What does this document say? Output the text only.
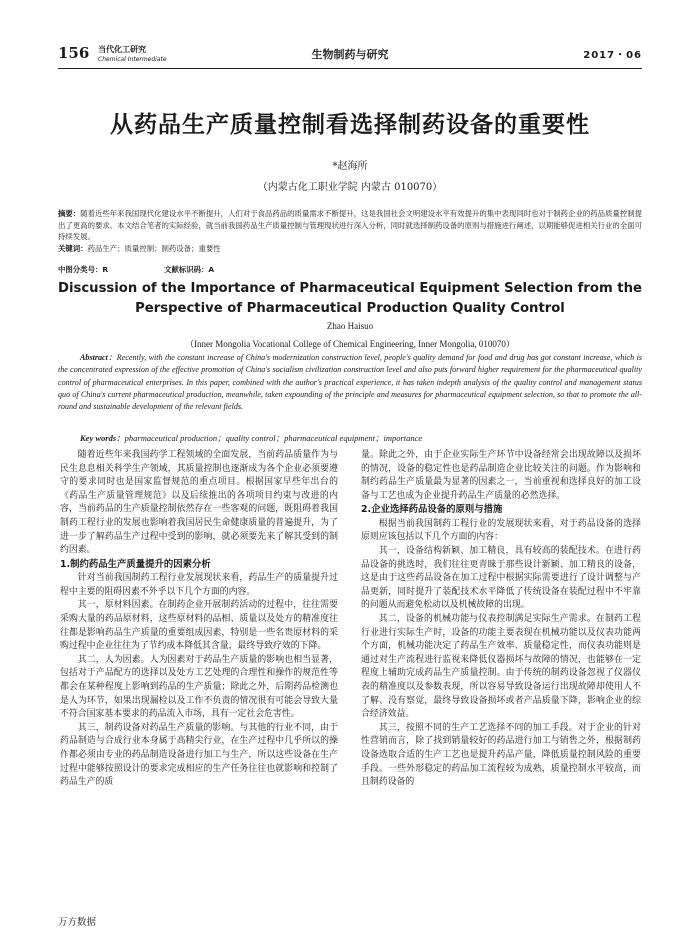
156 当代化工研究
Chemical Intermediate	生物制药与研究	2017・06
从药品生产质量控制看选择制药设备的重要性
*赵海所
（内蒙古化工职业学院 内蒙古 010070）
摘要：随着近些年来我国现代化建设水平不断提升，人们对于食品药品的质量需求不断提升，这是我国社会文明建设水平有效提升的集中表现同时也对于制药企业的药品质量控制提出了更高的要求。本文结合笔者的实际经验，就当前我国药品生产质量控制与管理现状进行深入分析，同时就选择制药设备的原则与措施进行阐述，以期能够促进相关行业的全面可持续发展。
关键词：药品生产；质量控制；制药设备；重要性
中图分类号：R	文献标识码：A
Discussion of the Importance of Pharmaceutical Equipment Selection from the Perspective of Pharmaceutical Production Quality Control
Zhao Haisuo
（Inner Mongolia Vocational College of Chemical Engineering, Inner Mongolia, 010070）
Abstract：Recently, with the constant increase of China's modernization construction level, people's quality demand for food and drug has got constant increase, which is the concentrated expression of the effective promotion of China's socialism civilization construction level and also puts forward higher requirement for the pharmaceutical quality control of pharmaceutical enterprises. In this paper, combined with the author's practical experience, it has taken indepth analysis of the quality control and management status quo of China's current pharmaceutical production, meanwhile, taken expounding of the principle and measures for pharmaceutical equipment selection, so that to promote the all-round and sustainable development of the relevant fields.
Key words：pharmaceutical production；quality control；pharmaceutical equipment；importance

随着近些年来我国药学工程领域的全面发展，当前药品质量作为与民生息息相关科学生产领域，其质量控制也逐渐成为各个企业必须要遵守的要求同时也是国家监督规范的重点项目。根据国家早些年出台的《药品生产质量管理规范》以及后续推出的各项项目约束与改进的内容，当前药品的生产质量控制依然存在一些客观的问题，既阻碍着我国制药工程行业的发展也影响着我国居民生命健康质量的普遍提升，为了进一步了解药品生产过程中受到的影响，就必须要先来了解其受到的制约因素。

1.制约药品生产质量提升的因素分析

针对当前我国制药工程行业发展现状来看，药品生产的质量提升过程中主要的阻碍因素不外乎以下几个方面的内容。

其一，原材料因素。在制药企业开展制药活动的过程中，往往需要采购大量的药品原材料，这些原材料的品相、质量以及处方的精准度往往都是影响药品生产质量的重要组成因素，特别是一些名贵原材料的采购过程中企业往往为了节约成本降低其含量，最终导致疗效的下降。

其二，人为因素。人为因素对于药品生产质量的影响也相当显著，包括对于产品配方的选择以及处方工艺处理的合理性和操作的规范性等都会在某种程度上影响到药品的生产质量；除此之外，后期药品检测也是人为环节，如果出现漏检以及工作不负责的情况很有可能会导致大量不符合国家基本要求的药品流入市场，具有一定社会危害性。

其三，制药设备对药品生产质量的影响。与其他的行业不同，由于药品制造与合成行业本身属于高精尖行业，在生产过程中几乎所以的操作都必须由专业的药品制造设备进行加工与生产，所以这些设备在生产过程中能够按照设计的要求完成相应的生产任务往往也就影响和控制了药品生产的质

量。除此之外，由于企业实际生产环节中设备经常会出现故障以及损坏的情况，设备的稳定性也是药品制造企业比较关注的问题。作为影响和制约药品生产质量最为显著的因素之一，当前重视和选择良好的加工设备与工艺也成为企业提升药品生产质量的必然选择。

2.企业选择药品设备的原则与措施

根据当前我国制药工程行业的发展现状来看，对于药品设备的选择原则应该包括以下几个方面的内容：

其一，设备结构新颖、加工精良，具有较高的装配技术。在进行药品设备的挑选时，我们往往更青睐于那些设计新颖、加工精良的设备，这是由于这些药品设备在加工过程中根据实际需要进行了设计调整与产品更新，同时提升了装配技术水平降低了传统设备在装配过程中不牢靠的问题从而避免松动以及机械故障的出现。

其二，设备的机械功能与仪表控制满足实际生产需求。在制药工程行业进行实际生产时，设备的功能主要表现在机械功能以及仪表功能两个方面，机械功能决定了药品生产效率、质量稳定性，而仪表功能则是通过对生产流程进行监视来降低仪器损坏与故障的情况，也能够在一定程度上辅助完成药品生产质量控制。由于传统的制药设备忽视了仪器仪表的精准度以及参数表现，所以容易导致设备运行出现故障却使用人不了解、没有察觉，最终导致设备损坏或者产品质量下降，影响企业的综合经济效益。

其三，按照不同的生产工艺选择不同的加工手段。对于企业的针对性营销而言，除了找到销量较好的药品进行加工与销售之外，根据制药设备选取合适的生产工艺也是提升药品产量，降低质量控制风险的重要手段。一些外形稳定的药品加工流程较为成熟，质量控制水平较高，而且制药设备的

万方数据
